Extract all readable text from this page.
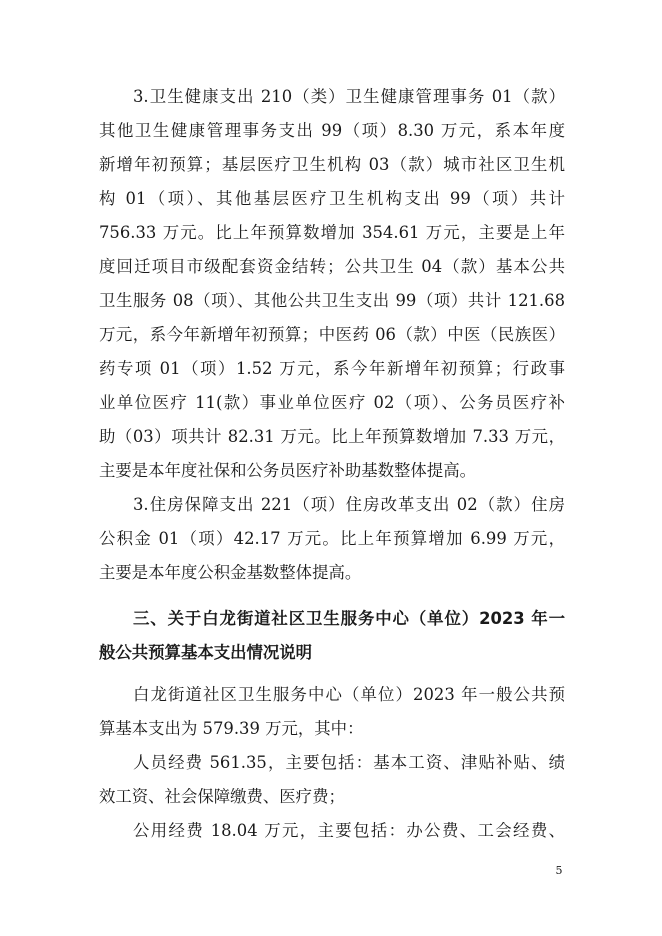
3.卫生健康支出 210（类）卫生健康管理事务 01（款）
其他卫生健康管理事务支出 99（项）8.30 万元，系本年度
新增年初预算；基层医疗卫生机构 03（款）城市社区卫生机
构 01（项）、其他基层医疗卫生机构支出 99（项）共计
756.33 万元。比上年预算数增加 354.61 万元，主要是上年
度回迁项目市级配套资金结转；公共卫生 04（款）基本公共
卫生服务 08（项）、其他公共卫生支出 99（项）共计 121.68
万元，系今年新增年初预算；中医药 06（款）中医（民族医）
药专项 01（项）1.52 万元，系今年新增年初预算；行政事
业单位医疗 11(款）事业单位医疗 02（项）、公务员医疗补
助（03）项共计 82.31 万元。比上年预算数增加 7.33 万元，
主要是本年度社保和公务员医疗补助基数整体提高。
3.住房保障支出 221（项）住房改革支出 02（款）住房
公积金 01（项）42.17 万元。比上年预算增加 6.99 万元，
主要是本年度公积金基数整体提高。
三、关于白龙街道社区卫生服务中心（单位）2023 年一
般公共预算基本支出情况说明
白龙街道社区卫生服务中心（单位）2023 年一般公共预
算基本支出为 579.39 万元，其中：
人员经费 561.35，主要包括：基本工资、津贴补贴、绩
效工资、社会保障缴费、医疗费；
公用经费 18.04 万元，主要包括：办公费、工会经费、
5
